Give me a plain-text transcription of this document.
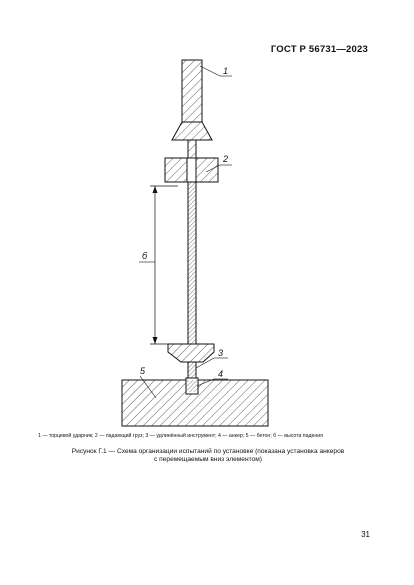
ГОСТ Р 56731—2023
б
1
2
3
4
5
1 — торцевой ударник; 2 — падающий груз; 3 — удлинённый инструмент; 4 — анкер; 5 — бетон; б — высота падения
Рисунок Г.1 — Схема организации испытаний по установке (показана установка анкеров
с перемещаемым вниз элементом)
31
